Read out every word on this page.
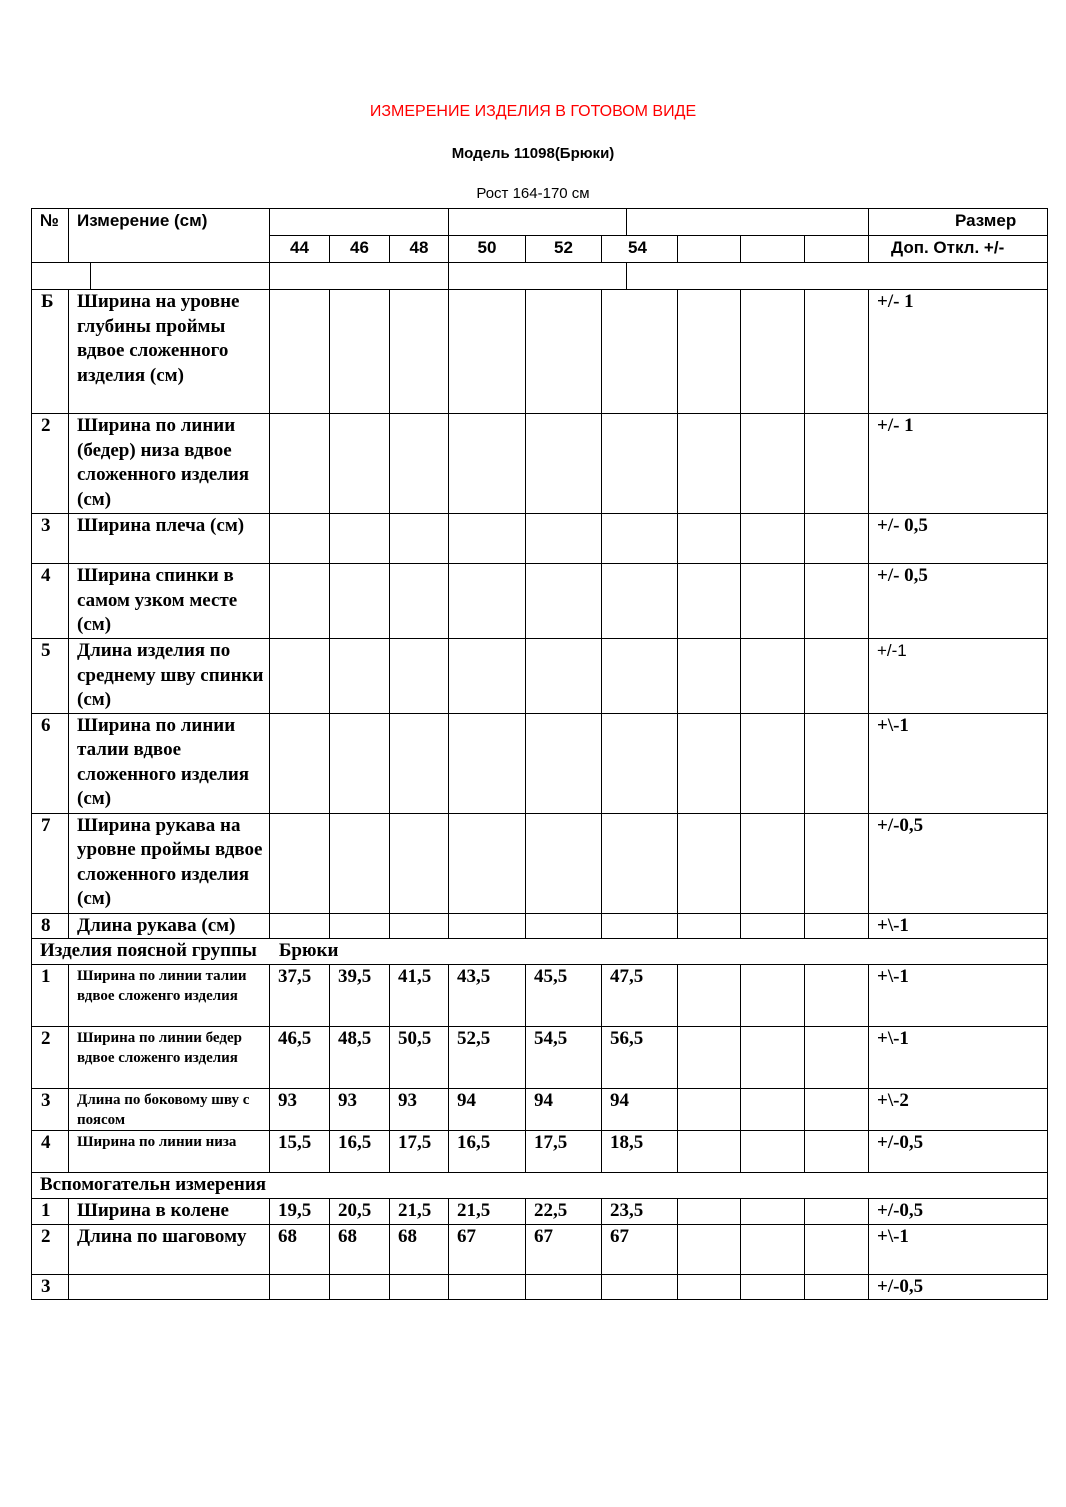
ИЗМЕРЕНИЕ ИЗДЕЛИЯ В ГОТОВОМ ВИДЕ
Модель 11098(Брюки)
Рост 164-170 см
№	Измерение (см)												Размер
			44	46	48	50	52	54					Доп. Откл. +/-

Б	Ширина на уровне глубины проймы вдвое сложенного изделия (см)												+/- 1
2	Ширина по линии (бедер) низа вдвое сложенного изделия (см)												+/- 1
3	Ширина плеча (см)												+/- 0,5
4	Ширина спинки в самом узком месте (см)												+/- 0,5
5	Длина изделия по среднему шву спинки (см)												+/-1
6	Ширина по линии талии вдвое сложенного изделия (см)												+\-1
7	Ширина рукава на уровне проймы вдвое сложенного изделия (см)												+/-0,5
8	Длина рукава (см)												+\-1
Изделия поясной группы Брюки													
1	Ширина по линии талии вдвое сложенго изделия		37,5	39,5	41,5	43,5	45,5	47,5					+\-1
2	Ширина по линии бедер вдвое сложенго изделия		46,5	48,5	50,5	52,5	54,5	56,5					+\-1
3	Длина по боковому шву с поясом		93	93	93	94	94	94					+\-2
4	Ширина по линии низа		15,5	16,5	17,5	16,5	17,5	18,5					+/-0,5
Вспомогательн измерения													
1	Ширина в колене		19,5	20,5	21,5	21,5	22,5	23,5					+/-0,5
2	Длина по шаговому		68	68	68	67	67	67					+\-1
3													+/-0,5
